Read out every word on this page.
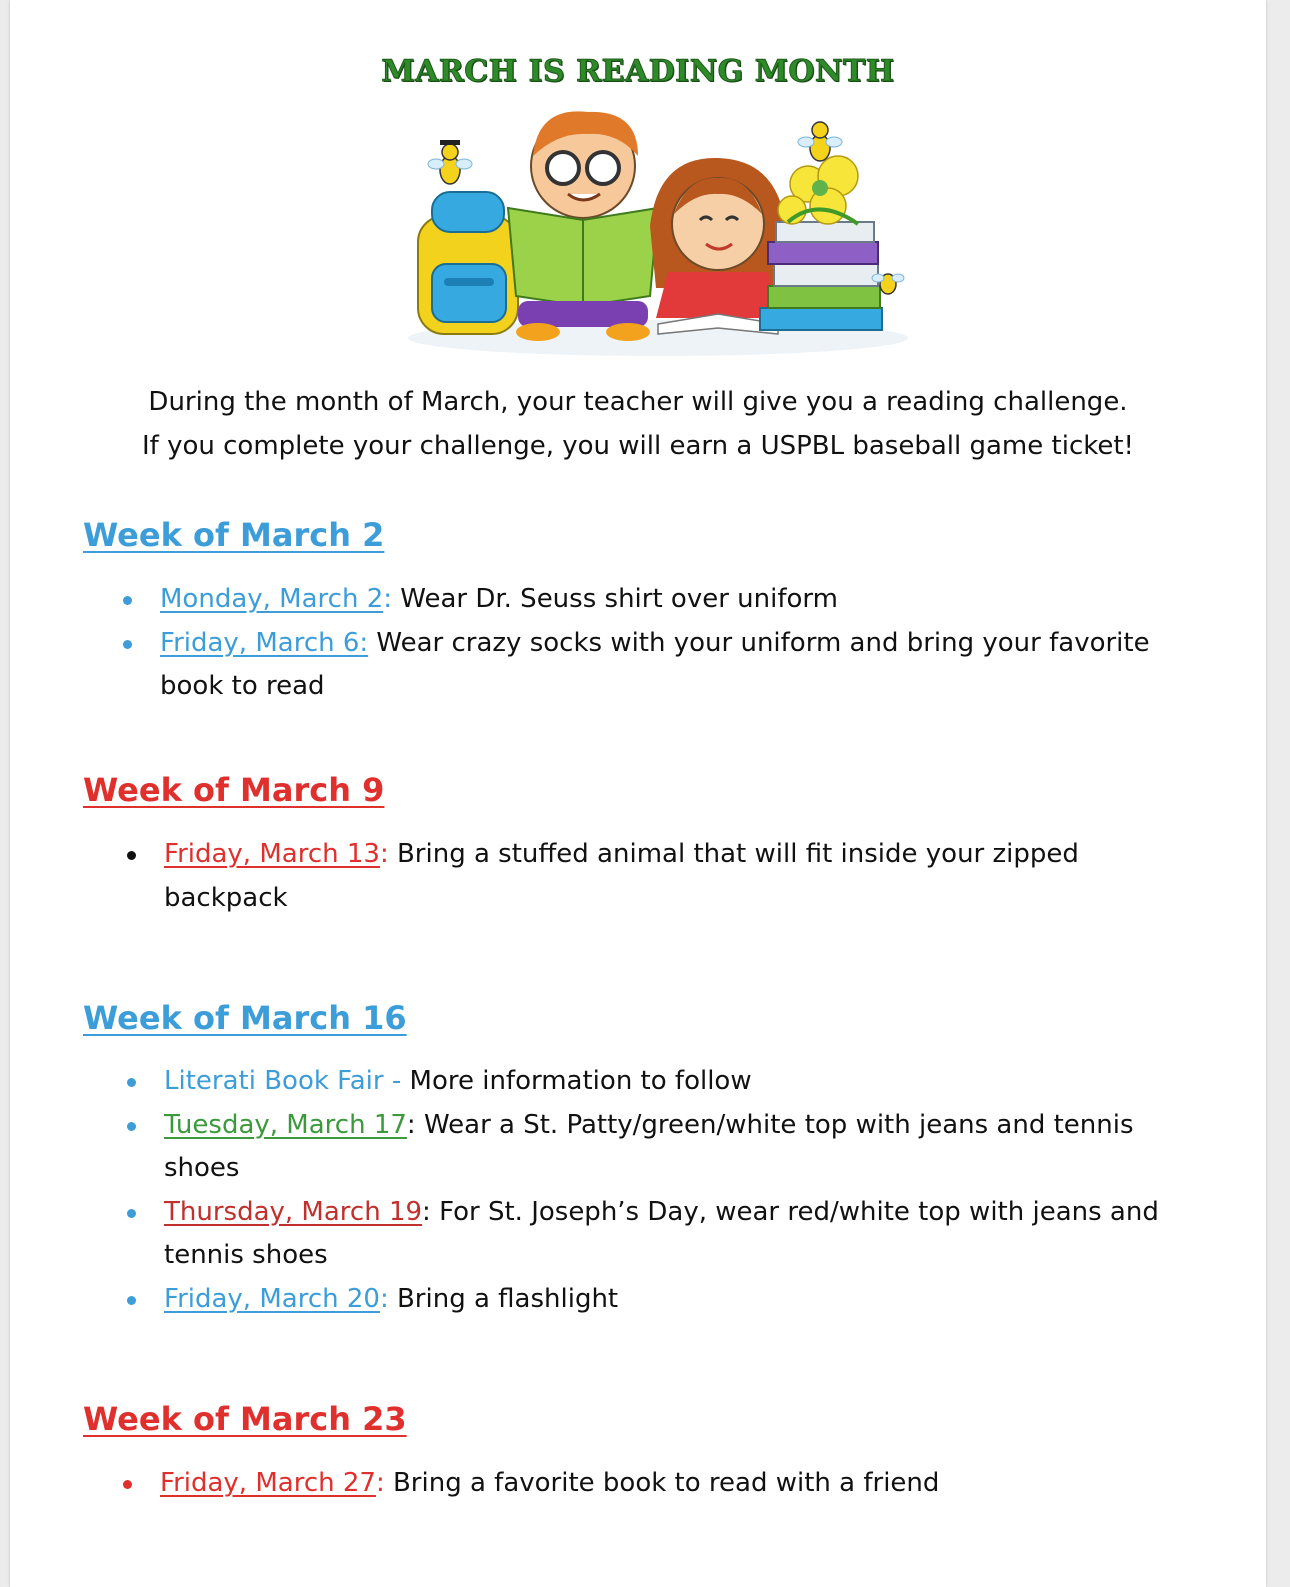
MARCH IS READING MONTH
During the month of March, your teacher will give you a reading challenge.
If you complete your challenge, you will earn a USPBL baseball game ticket!
Week of March 2
Monday, March 2: Wear Dr. Seuss shirt over uniform
Friday, March 6: Wear crazy socks with your uniform and bring your favorite book to read
Week of March 9
Friday, March 13: Bring a stuffed animal that will fit inside your zipped backpack
Week of March 16
Literati Book Fair - More information to follow
Tuesday, March 17: Wear a St. Patty/green/white top with jeans and tennis shoes
Thursday, March 19: For St. Joseph’s Day, wear red/white top with jeans and tennis shoes
Friday, March 20: Bring a flashlight
Week of March 23
Friday, March 27: Bring a favorite book to read with a friend
